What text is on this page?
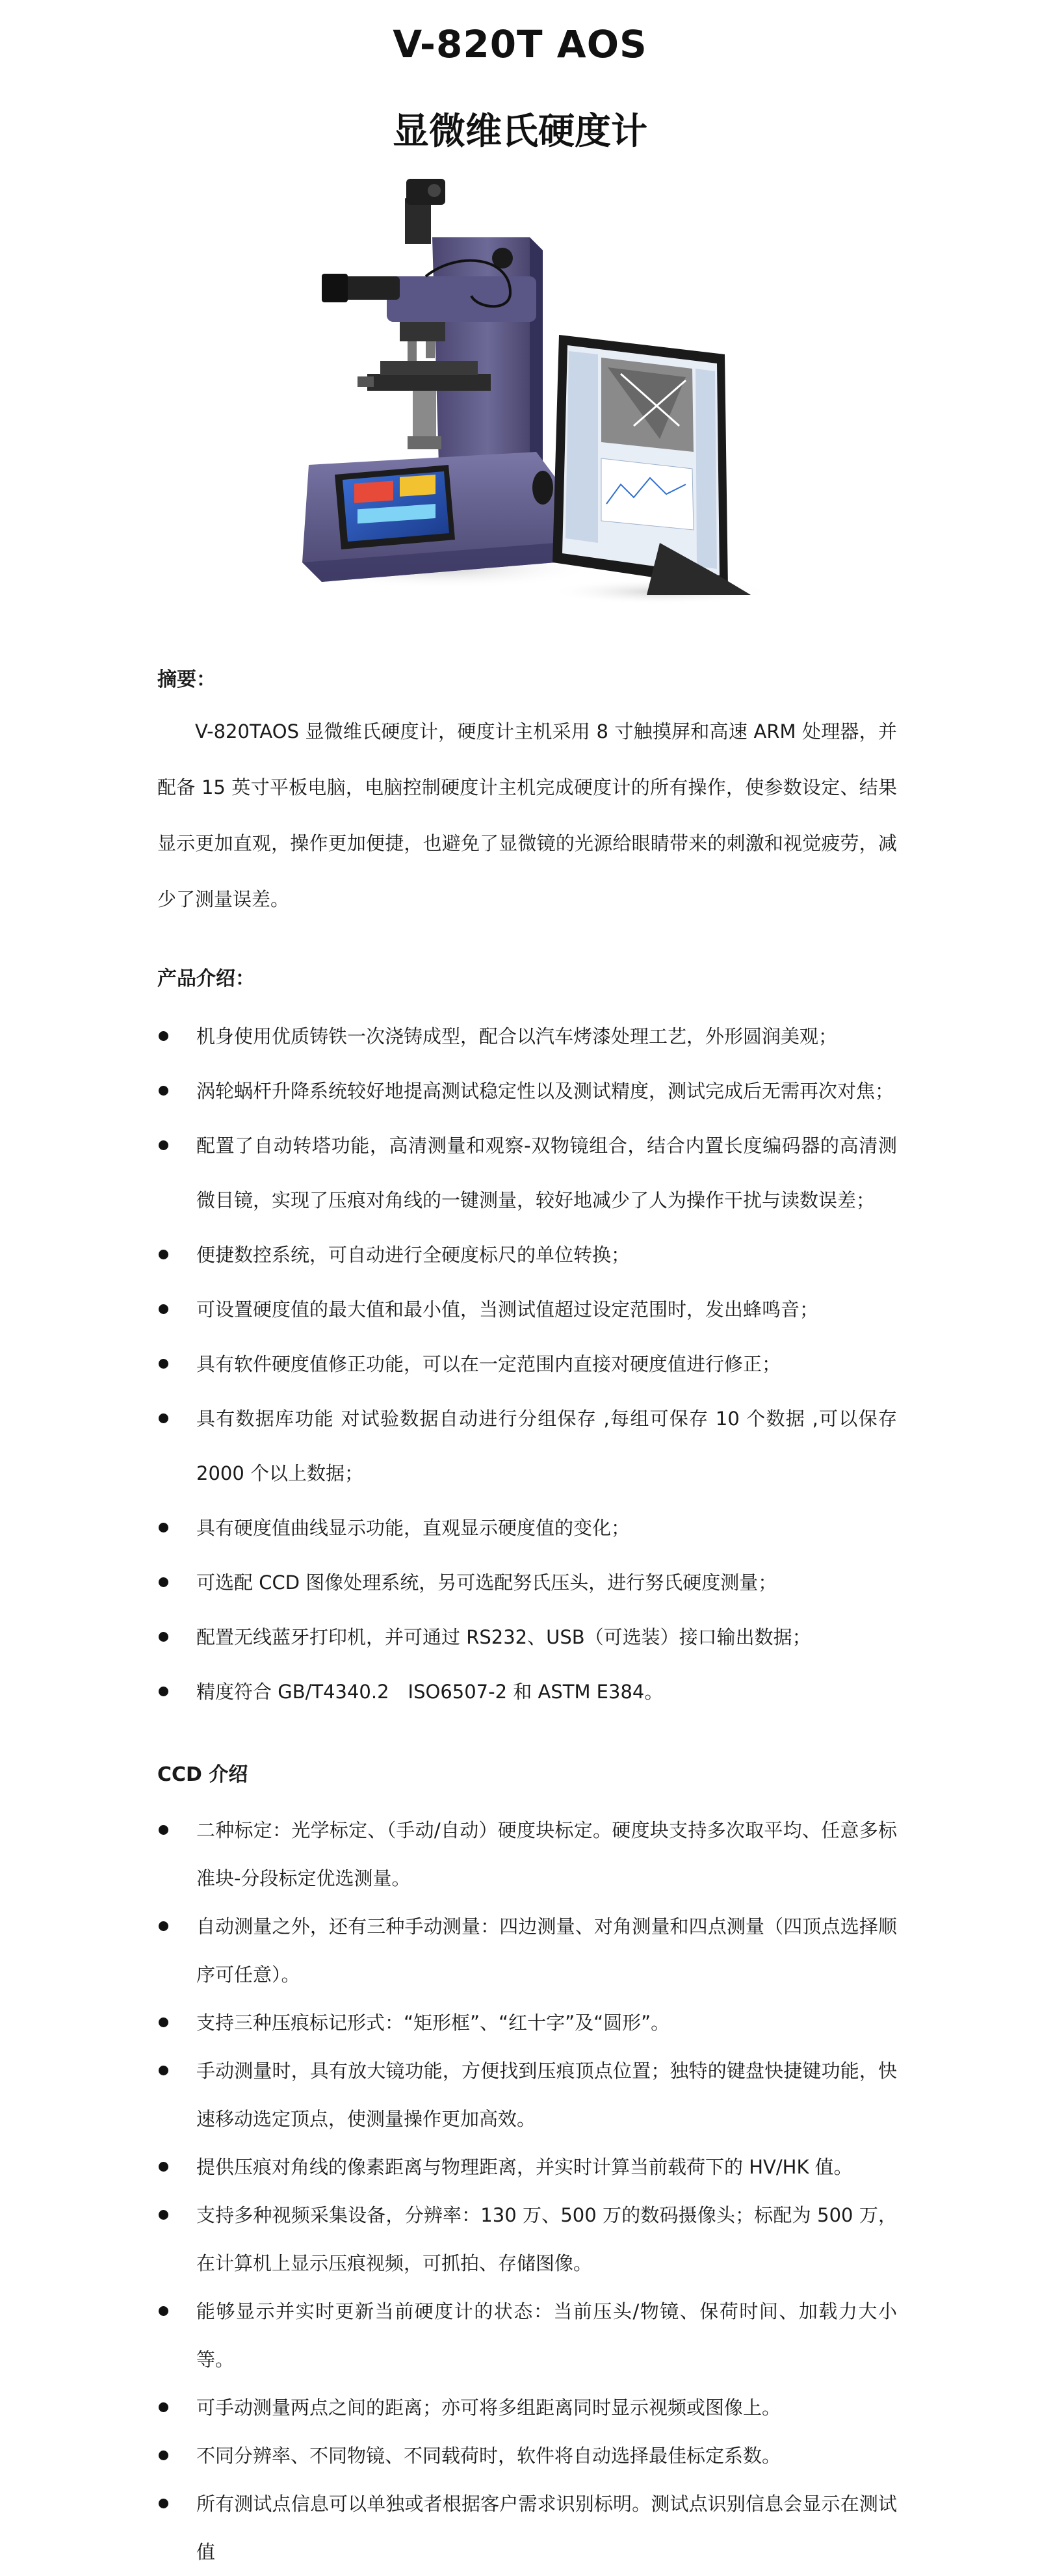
V-820T AOS
显微维氏硬度计
摘要：

V-820TAOS 显微维氏硬度计，硬度计主机采用 8 寸触摸屏和高速 ARM 处理器，并配备 15 英寸平板电脑，电脑控制硬度计主机完成硬度计的所有操作，使参数设定、结果显示更加直观，操作更加便捷，也避免了显微镜的光源给眼睛带来的刺激和视觉疲劳，减少了测量误差。

产品介绍：
机身使用优质铸铁一次浇铸成型，配合以汽车烤漆处理工艺，外形圆润美观；
涡轮蜗杆升降系统较好地提高测试稳定性以及测试精度，测试完成后无需再次对焦；
配置了自动转塔功能，高清测量和观察-双物镜组合，结合内置长度编码器的高清测微目镜，实现了压痕对角线的一键测量，较好地减少了人为操作干扰与读数误差；
便捷数控系统，可自动进行全硬度标尺的单位转换；
可设置硬度值的最大值和最小值，当测试值超过设定范围时，发出蜂鸣音；
具有软件硬度值修正功能，可以在一定范围内直接对硬度值进行修正；
具有数据库功能 对试验数据自动进行分组保存 ,每组可保存 10 个数据 ,可以保存 2000 个以上数据；
具有硬度值曲线显示功能，直观显示硬度值的变化；
可选配 CCD 图像处理系统，另可选配努氏压头，进行努氏硬度测量；
配置无线蓝牙打印机，并可通过 RS232、USB（可选装）接口输出数据；
精度符合 GB/T4340.2　ISO6507-2 和 ASTM E384。
CCD 介绍
二种标定：光学标定、（手动/自动）硬度块标定。硬度块支持多次取平均、任意多标准块-分段标定优选测量。
自动测量之外，还有三种手动测量：四边测量、对角测量和四点测量（四顶点选择顺序可任意）。
支持三种压痕标记形式：“矩形框”、“红十字”及“圆形”。
手动测量时，具有放大镜功能，方便找到压痕顶点位置；独特的键盘快捷键功能，快速移动选定顶点，使测量操作更加高效。
提供压痕对角线的像素距离与物理距离，并实时计算当前载荷下的 HV/HK 值。
支持多种视频采集设备，分辨率：130 万、500 万的数码摄像头；标配为 500 万，在计算机上显示压痕视频，可抓拍、存储图像。
能够显示并实时更新当前硬度计的状态：当前压头/物镜、保荷时间、加载力大小等。
可手动测量两点之间的距离；亦可将多组距离同时显示视频或图像上。
不同分辨率、不同物镜、不同载荷时，软件将自动选择最佳标定系数。
所有测试点信息可以单独或者根据客户需求识别标明。测试点识别信息会显示在测试值
